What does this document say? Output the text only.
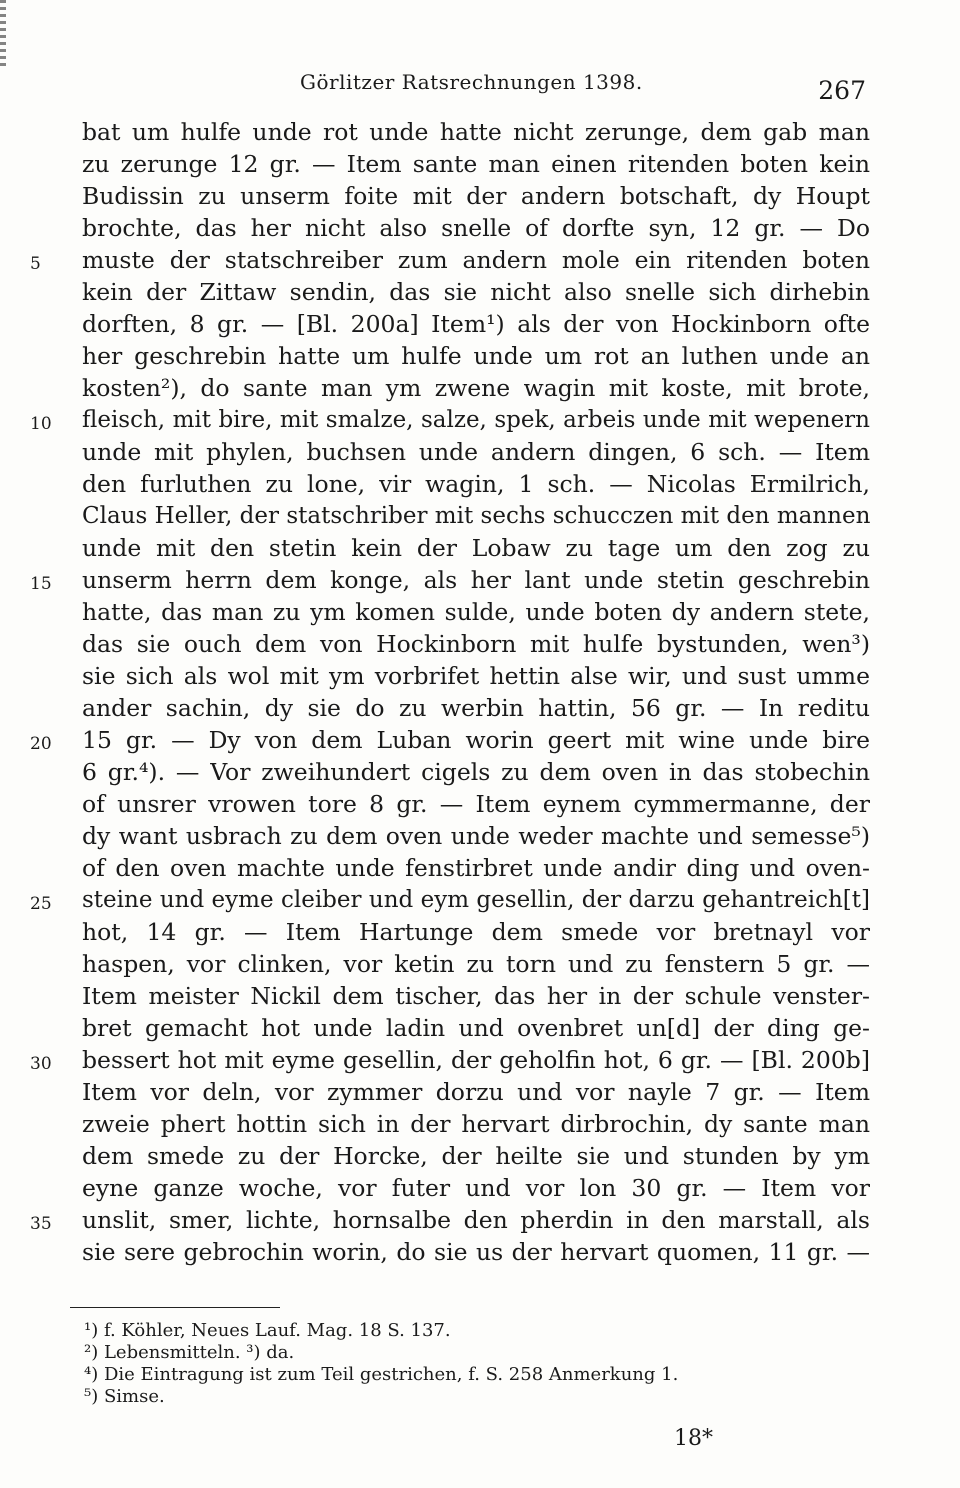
Görlitzer Ratsrechnungen 1398.	267
bat um hulfe unde rot unde hatte nicht zerunge, dem gab man
zu zerunge 12 gr. — Item sante man einen ritenden boten kein
Budissin zu unserm foite mit der andern botschaft, dy Houpt
brochte, das her nicht also snelle of dorfte syn, 12 gr. — Do
5	muste der statschreiber zum andern mole ein ritenden boten
kein der Zittaw sendin, das sie nicht also snelle sich dirhebin
dorften, 8 gr. — [Bl. 200a] Item¹) als der von Hockinborn ofte
her geschrebin hatte um hulfe unde um rot an luthen unde an
kosten²), do sante man ym zwene wagin mit koste, mit brote,
10	fleisch, mit bire, mit smalze, salze, spek, arbeis unde mit wepenern
unde mit phylen, buchsen unde andern dingen, 6 sch. — Item
den furluthen zu lone, vir wagin, 1 sch. — Nicolas Ermilrich,
Claus Heller, der statschriber mit sechs schucczen mit den mannen
unde mit den stetin kein der Lobaw zu tage um den zog zu
15	unserm herrn dem konge, als her lant unde stetin geschrebin
hatte, das man zu ym komen sulde, unde boten dy andern stete,
das sie ouch dem von Hockinborn mit hulfe bystunden, wen³)
sie sich als wol mit ym vorbrifet hettin alse wir, und sust umme
ander sachin, dy sie do zu werbin hattin, 56 gr. — In reditu
20	15 gr. — Dy von dem Luban worin geert mit wine unde bire
6 gr.⁴). — Vor zweihundert cigels zu dem oven in das stobechin
of unsrer vrowen tore 8 gr. — Item eynem cymmermanne, der
dy want usbrach zu dem oven unde weder machte und semesse⁵)
of den oven machte unde fenstirbret unde andir ding und oven-
25	steine und eyme cleiber und eym gesellin, der darzu gehantreich[t]
hot, 14 gr. — Item Hartunge dem smede vor bretnayl vor
haspen, vor clinken, vor ketin zu torn und zu fenstern 5 gr. —
Item meister Nickil dem tischer, das her in der schule venster-
bret gemacht hot unde ladin und ovenbret un[d] der ding ge-
30	bessert hot mit eyme gesellin, der geholfin hot, 6 gr. — [Bl. 200b]
Item vor deln, vor zymmer dorzu und vor nayle 7 gr. — Item
zweie phert hottin sich in der hervart dirbrochin, dy sante man
dem smede zu der Horcke, der heilte sie und stunden by ym
eyne ganze woche, vor futer und vor lon 30 gr. — Item vor
35	unslit, smer, lichte, hornsalbe den pherdin in den marstall, als
sie sere gebrochin worin, do sie us der hervart quomen, 11 gr. —
¹) f. Köhler, Neues Lauf. Mag. 18 S. 137.
²) Lebensmitteln. ³) da.
⁴) Die Eintragung ist zum Teil gestrichen, f. S. 258 Anmerkung 1.
⁵) Simse.
18*
